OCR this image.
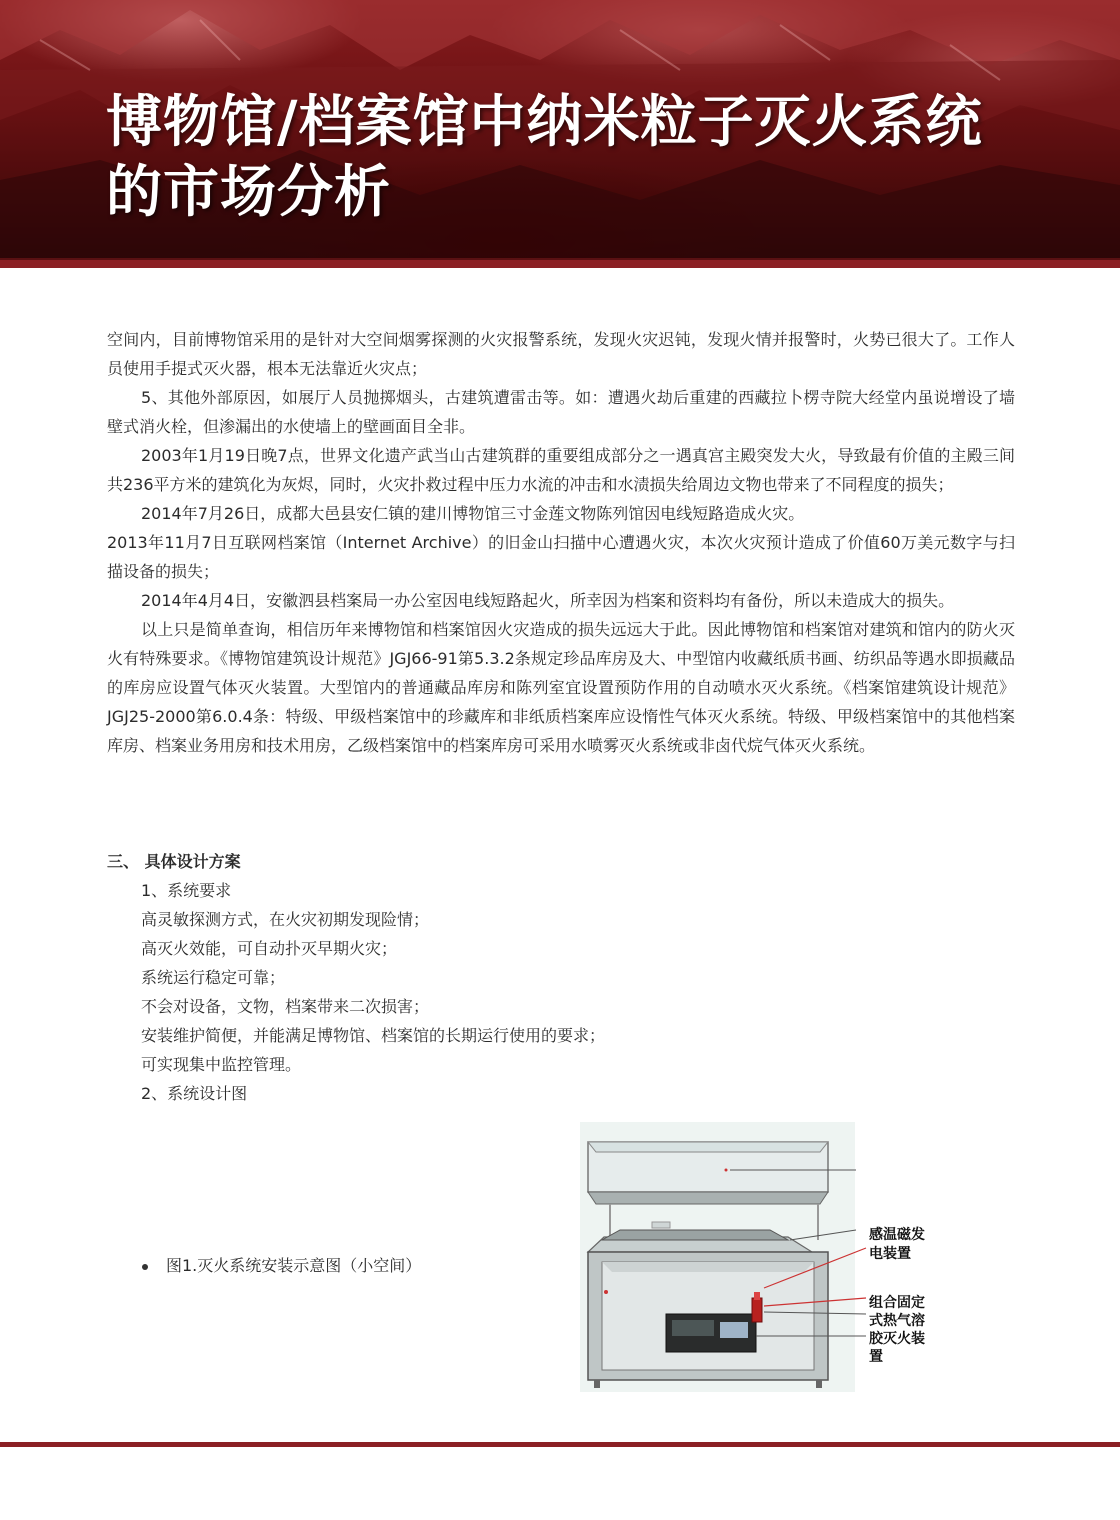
博物馆/档案馆中纳米粒子灭火系统
的市场分析

空间内，目前博物馆采用的是针对大空间烟雾探测的火灾报警系统，发现火灾迟钝，发现火情并报警时，火势已很大了。工作人员使用手提式灭火器，根本无法靠近火灾点；

5、其他外部原因，如展厅人员抛掷烟头，古建筑遭雷击等。如：遭遇火劫后重建的西藏拉卜楞寺院大经堂内虽说增设了墙壁式消火栓，但渗漏出的水使墙上的壁画面目全非。

2003年1月19日晚7点，世界文化遗产武当山古建筑群的重要组成部分之一遇真宫主殿突发大火，导致最有价值的主殿三间共236平方米的建筑化为灰烬，同时，火灾扑救过程中压力水流的冲击和水渍损失给周边文物也带来了不同程度的损失；

2014年7月26日，成都大邑县安仁镇的建川博物馆三寸金莲文物陈列馆因电线短路造成火灾。

2013年11月7日互联网档案馆（Internet Archive）的旧金山扫描中心遭遇火灾，本次火灾预计造成了价值60万美元数字与扫描设备的损失；

2014年4月4日，安徽泗县档案局一办公室因电线短路起火，所幸因为档案和资料均有备份，所以未造成大的损失。

以上只是简单查询，相信历年来博物馆和档案馆因火灾造成的损失远远大于此。因此博物馆和档案馆对建筑和馆内的防火灭火有特殊要求。《博物馆建筑设计规范》JGJ66-91第5.3.2条规定珍品库房及大、中型馆内收藏纸质书画、纺织品等遇水即损藏品的库房应设置气体灭火装置。大型馆内的普通藏品库房和陈列室宜设置预防作用的自动喷水灭火系统。《档案馆建筑设计规范》JGJ25-2000第6.0.4条：特级、甲级档案馆中的珍藏库和非纸质档案库应设惰性气体灭火系统。特级、甲级档案馆中的其他档案库房、档案业务用房和技术用房，乙级档案馆中的档案库房可采用水喷雾灭火系统或非卤代烷气体灭火系统。

三、 具体设计方案

1、系统要求

高灵敏探测方式，在火灾初期发现险情；

高灭火效能，可自动扑灭早期火灾；

系统运行稳定可靠；

不会对设备，文物，档案带来二次损害；

安装维护简便，并能满足博物馆、档案馆的长期运行使用的要求；

可实现集中监控管理。

2、系统设计图

图1.灭火系统安装示意图（小空间）
感温磁发
电装置
组合固定
式热气溶
胶灭火装
置
